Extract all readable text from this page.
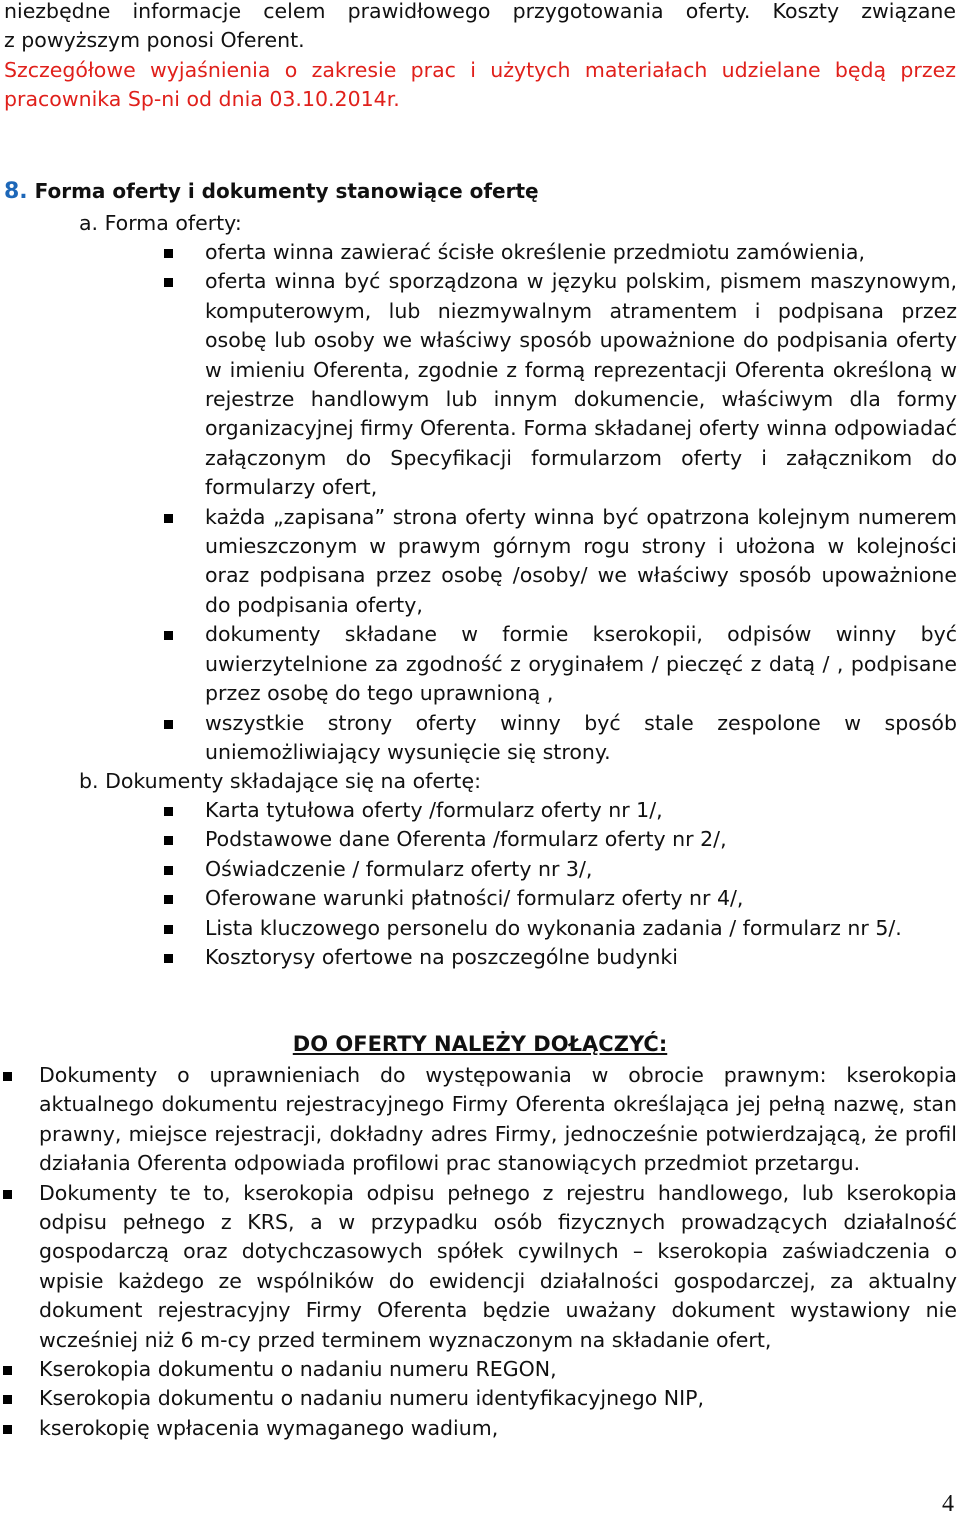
niezbędne informacje celem prawidłowego przygotowania oferty. Koszty związane
z powyższym ponosi Oferent.
Szczegółowe wyjaśnienia o zakresie prac i użytych materiałach udzielane będą przez
pracownika Sp-ni od dnia 03.10.2014r.
8. Forma oferty i dokumenty stanowiące ofertę
a. Forma oferty:
oferta winna zawierać ścisłe określenie przedmiotu zamówienia,
oferta winna być sporządzona w języku polskim, pismem maszynowym, komputerowym, lub niezmywalnym atramentem i podpisana przez osobę lub osoby we właściwy sposób upoważnione do podpisania oferty w imieniu Oferenta, zgodnie z formą reprezentacji Oferenta określoną w rejestrze handlowym lub innym dokumencie, właściwym dla formy organizacyjnej firmy Oferenta. Forma składanej oferty winna odpowiadać załączonym do Specyfikacji formularzom oferty i załącznikom do formularzy ofert,
każda „zapisana” strona oferty winna być opatrzona kolejnym numerem umieszczonym w prawym górnym rogu strony i ułożona w kolejności oraz podpisana przez osobę /osoby/ we właściwy sposób upoważnione do podpisania oferty,
dokumenty składane w formie kserokopii, odpisów winny być uwierzytelnione za zgodność z oryginałem / pieczęć z datą / , podpisane przez osobę do tego uprawnioną ,
wszystkie strony oferty winny być stale zespolone w sposób uniemożliwiający wysunięcie się strony.
b. Dokumenty składające się na ofertę:
Karta tytułowa oferty /formularz oferty nr 1/,
Podstawowe dane Oferenta /formularz oferty nr 2/,
Oświadczenie / formularz oferty nr 3/,
Oferowane warunki płatności/ formularz oferty nr 4/,
Lista kluczowego personelu do wykonania zadania / formularz nr 5/.
Kosztorysy ofertowe na poszczególne budynki
DO OFERTY NALEŻY DOŁĄCZYĆ:
Dokumenty o uprawnieniach do występowania w obrocie prawnym: kserokopia aktualnego dokumentu rejestracyjnego Firmy Oferenta określająca jej pełną nazwę, stan prawny, miejsce rejestracji, dokładny adres Firmy, jednocześnie potwierdzającą, że profil działania Oferenta odpowiada profilowi prac stanowiących przedmiot przetargu.
Dokumenty te to, kserokopia odpisu pełnego z rejestru handlowego, lub kserokopia odpisu pełnego z KRS, a w przypadku osób fizycznych prowadzących działalność gospodarczą oraz dotychczasowych spółek cywilnych – kserokopia zaświadczenia o wpisie każdego ze wspólników do ewidencji działalności gospodarczej, za aktualny dokument rejestracyjny Firmy Oferenta będzie uważany dokument wystawiony nie wcześniej niż 6 m-cy przed terminem wyznaczonym na składanie ofert,
Kserokopia dokumentu o nadaniu numeru REGON,
Kserokopia dokumentu o nadaniu numeru identyfikacyjnego NIP,
kserokopię wpłacenia wymaganego wadium,
4
